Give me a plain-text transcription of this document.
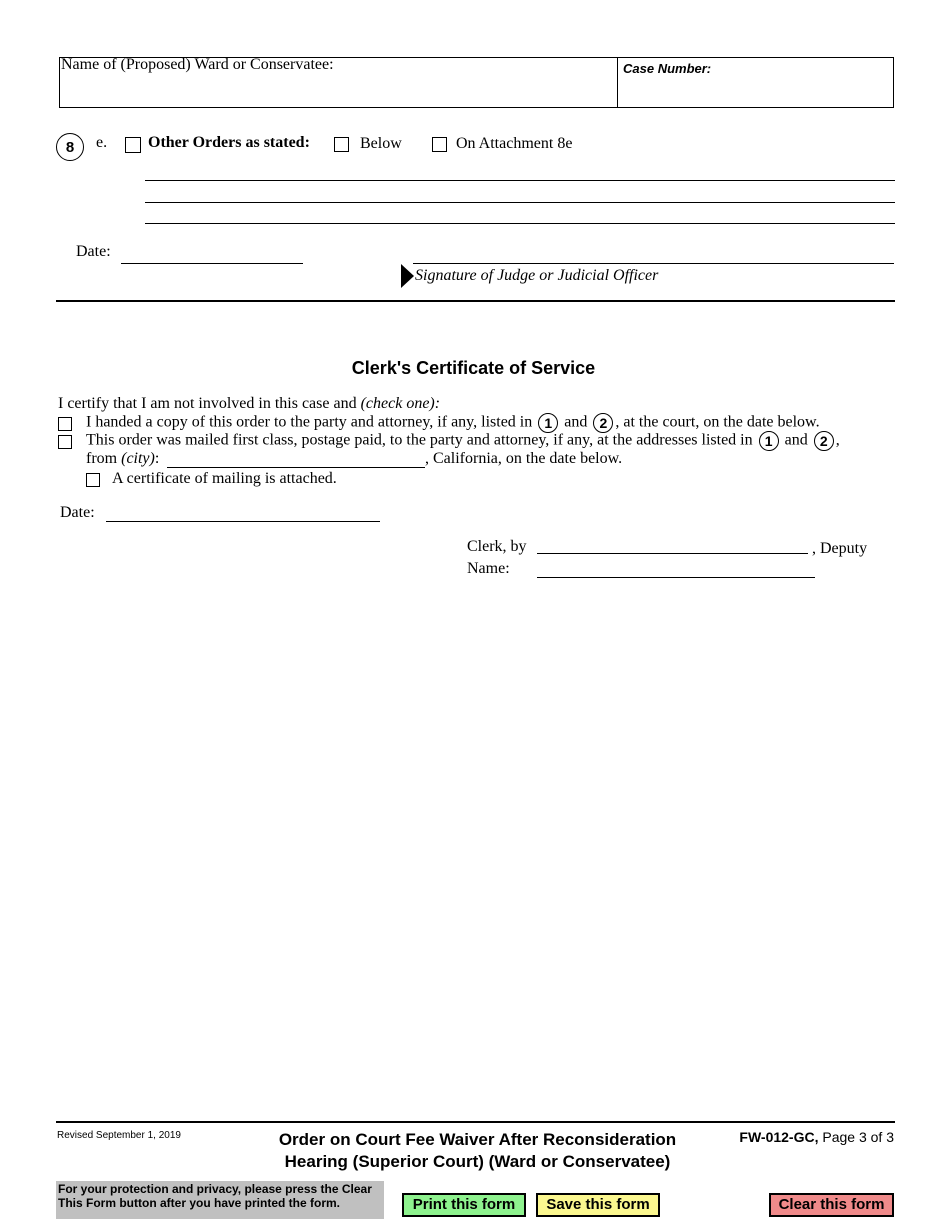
Name of (Proposed) Ward or Conservatee:	Case Number:
8	e.	Other Orders as stated:	Below	On Attachment 8e
Date:
Signature of Judge or Judicial Officer
Clerk's Certificate of Service
I certify that I am not involved in this case and (check one):
I handed a copy of this order to the party and attorney, if any, listed in 1 and 2 , at the court, on the date below.
This order was mailed first class, postage paid, to the party and attorney, if any, at the addresses listed in 1 and 2 ,
from (city):	, California, on the date below.
A certificate of mailing is attached.
Date:
Clerk, by	, Deputy
Name:
Revised September 1, 2019	Order on Court Fee Waiver After Reconsideration
Hearing (Superior Court) (Ward or Conservatee)
FW-012-GC, Page 3 of 3
For your protection and privacy, please press the Clear This Form button after you have printed the form.	Print this form	Save this form	Clear this form
